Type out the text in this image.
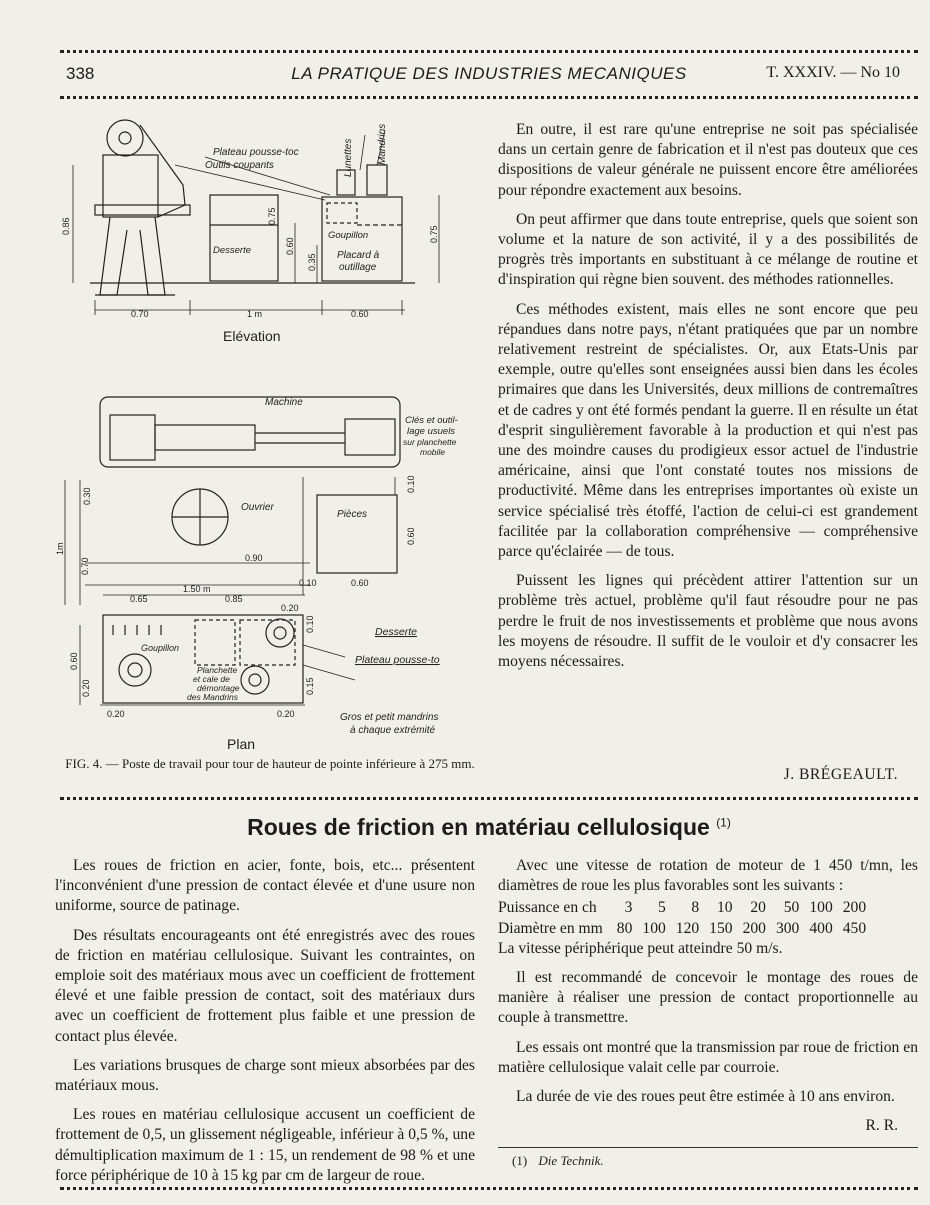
338	LA PRATIQUE DES INDUSTRIES MECANIQUES	T. XXXIV. — No 10
Plateau pousse-toc
Outils coupants	Lunettes Mandrins
Desserte
Goupillon
Placard à
outillage
0.86
0.75
0.60
0.35
0.75
0.70	1 m	0.60
Elévation
Machine
Clés et outil-
lage usuels
sur planchette
mobile
Ouvrier
Pièces
Desserte
Plateau pousse-to
Goupillon
Planchette
et cale de
démontage
des Mandrins
Gros et petit mandrins
à chaque extrémité
0.30
1m
0.70	0.90
0.10
0.60
1.50 m
0.10	0.60
0.65	0.85
0.20
0.10
0.60
0.20	0.15
0.20	0.20
Plan
FIG. 4. — Poste de travail pour tour de hauteur de pointe inférieure à 275 mm.

En outre, il est rare qu'une entreprise ne soit pas spécialisée dans un certain genre de fabrication et il n'est pas douteux que ces dispositions de valeur générale ne puissent encore être améliorées pour répondre exactement aux besoins.

On peut affirmer que dans toute entreprise, quels que soient son volume et la nature de son activité, il y a des possibilités de progrès très importants en substituant à ce mélange de routine et d'inspiration qui règne bien souvent. des méthodes rationnelles.

Ces méthodes existent, mais elles ne sont encore que peu répandues dans notre pays, n'étant pratiquées que par un nombre relativement restreint de spécialistes. Or, aux Etats-Unis par exemple, outre qu'elles sont enseignées aussi bien dans les écoles primaires que dans les Universités, deux millions de contremaîtres et de cadres y ont été formés pendant la guerre. Il en résulte un état d'esprit singulièrement favorable à la production et qui n'est pas une des moindre causes du prodigieux essor actuel de l'industrie américaine, ainsi que l'ont constaté toutes nos missions de productivité. Même dans les entreprises importantes où existe un service spécialisé très étoffé, l'action de celui-ci est grandement facilitée par la collaboration compréhensive — compréhensive parce qu'éclairée — de tous.

Puissent les lignes qui précèdent attirer l'attention sur un problème très actuel, problème qu'il faut résoudre pour ne pas perdre le fruit de nos investissements et problème que nous avons les moyens de résoudre. Il suffit de le vouloir et d'y consacrer les moyens nécessaires.

J. BRÉGEAULT.
Roues de friction en matériau cellulosique $^{(1)}$

Les roues de friction en acier, fonte, bois, etc... présentent l'inconvénient d'une pression de contact élevée et d'une usure non uniforme, source de patinage.

Des résultats encourageants ont été enregistrés avec des roues de friction en matériau cellulosique. Suivant les contraintes, on emploie soit des matériaux mous avec un coefficient de frottement élevé et une faible pression de contact, soit des matériaux durs avec un coefficient de frottement plus faible et une pression de contact plus élevée.

Les variations brusques de charge sont mieux absorbées par des matériaux mous.

Les roues en matériau cellulosique accusent un coefficient de frottement de 0,5, un glissement négligeable, inférieur à 0,5 %, une démultiplication maximum de 1 : 15, un rendement de 98 % et une force périphérique de 10 à 15 kg par cm de largeur de roue.

Avec une vitesse de rotation de moteur de 1 450 t/mn, les diamètres de roue les plus favorables sont les suivants :

Puissance en ch	3	5	8	10	20	50	100	200
Diamètre en mm	80	100	120	150	200	300	400	450
La vitesse périphérique peut atteindre 50 m/s.

Il est recommandé de concevoir le montage des roues de manière à réaliser une pression de contact proportionnelle au couple à transmettre.

Les essais ont montré que la transmission par roue de friction en matière cellulosique valait celle par courroie.

La durée de vie des roues peut être estimée à 10 ans environ.

R. R.
(1) Die Technik.
